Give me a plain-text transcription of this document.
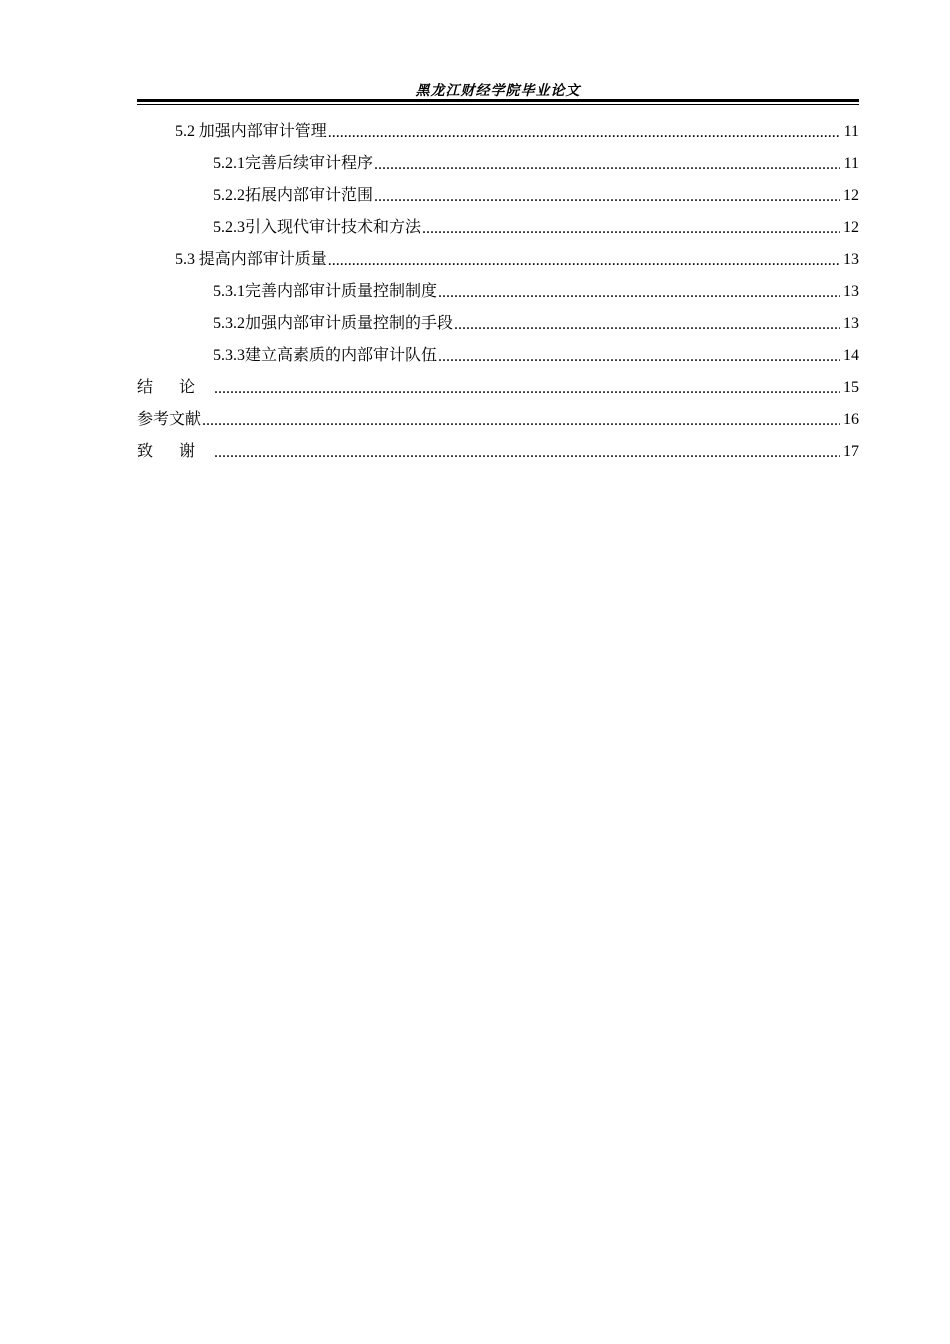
黑龙江财经学院毕业论文
5.2 加强内部审计管理 .....	11
5.2.1 完善后续审计程序 .....	11
5.2.2 拓展内部审计范围 .....	12
5.2.3 引入现代审计技术和方法 .....	12
5.3 提高内部审计质量 .....	13
5.3.1 完善内部审计质量控制制度 .....	13
5.3.2 加强内部审计质量控制的手段 .....	13
5.3.3 建立高素质的内部审计队伍 .....	14
结论 .....	15
参考文献 .....	16
致谢 .....	17
